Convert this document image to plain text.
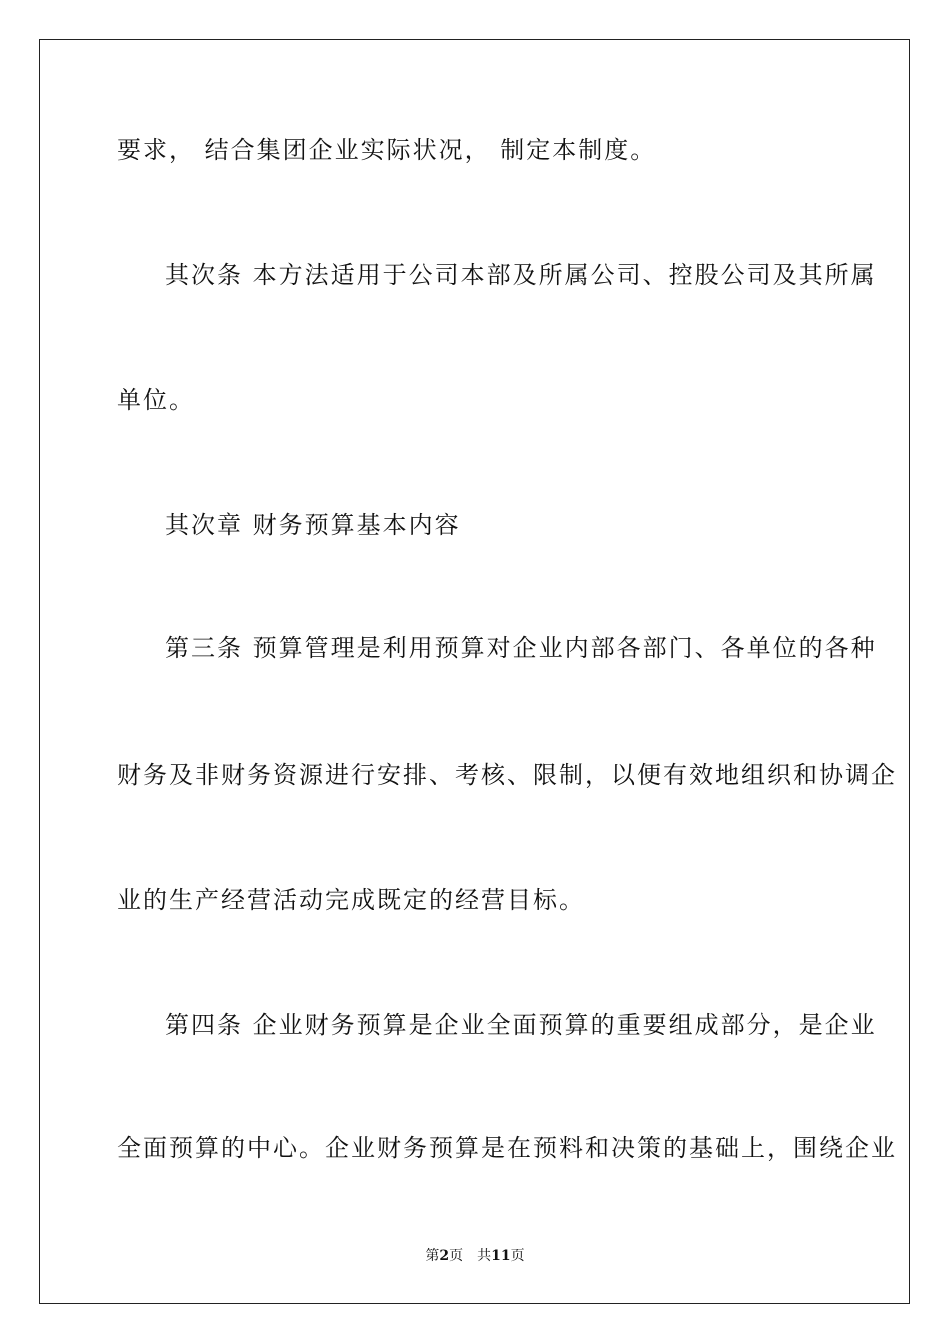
要求， 结合集团企业实际状况， 制定本制度。
其次条 本方法适用于公司本部及所属公司、控股公司及其所属
单位。
其次章 财务预算基本内容
第三条 预算管理是利用预算对企业内部各部门、各单位的各种
财务及非财务资源进行安排、考核、限制，以便有效地组织和协调企
业的生产经营活动完成既定的经营目标。
第四条 企业财务预算是企业全面预算的重要组成部分，是企业
全面预算的中心。企业财务预算是在预料和决策的基础上，围绕企业
第2页 共11页
